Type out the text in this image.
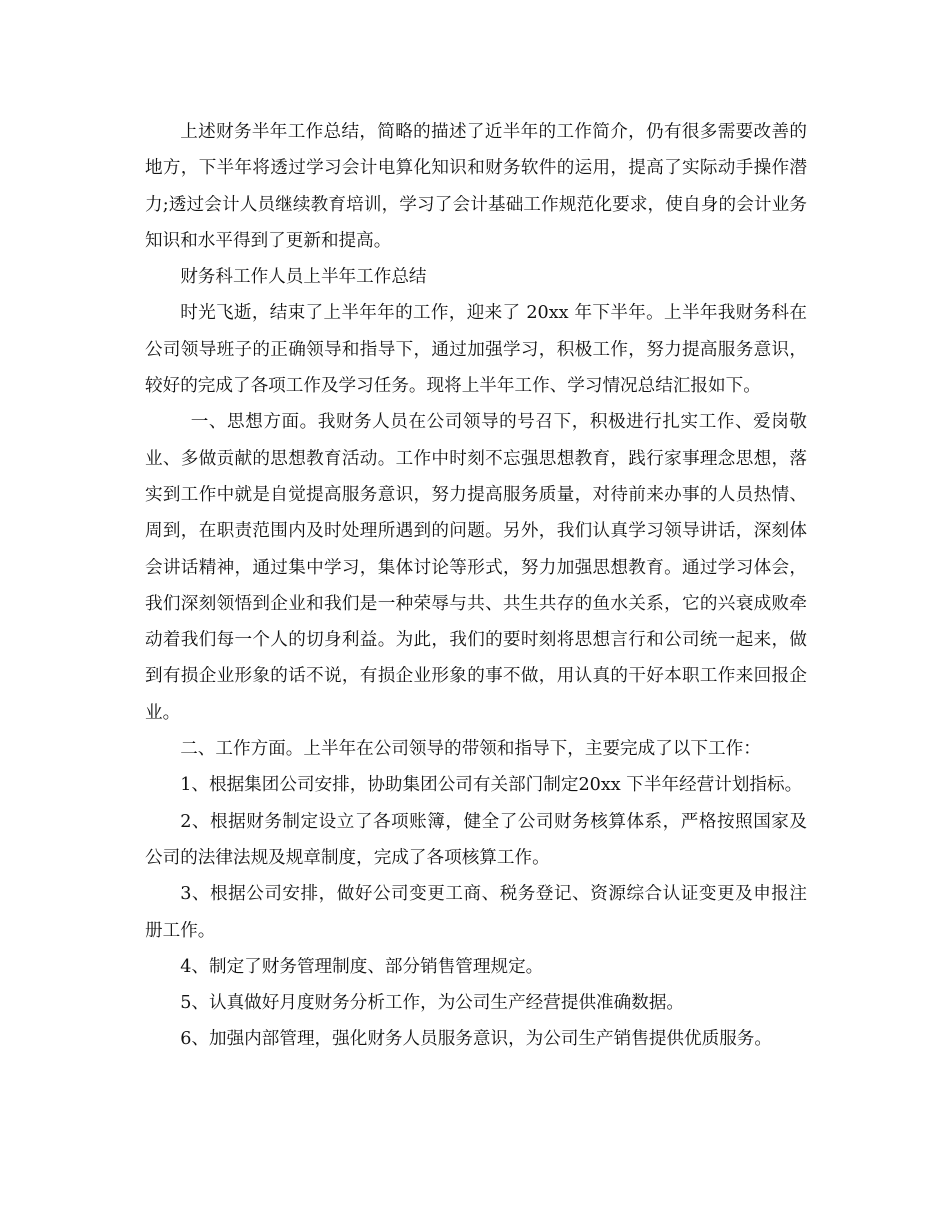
上述财务半年工作总结，简略的描述了近半年的工作简介，仍有很多需要改善的地方，下半年将透过学习会计电算化知识和财务软件的运用，提高了实际动手操作潜力;透过会计人员继续教育培训，学习了会计基础工作规范化要求，使自身的会计业务知识和水平得到了更新和提高。

财务科工作人员上半年工作总结

时光飞逝，结束了上半年年的工作，迎来了 20xx 年下半年。上半年我财务科在公司领导班子的正确领导和指导下，通过加强学习，积极工作，努力提高服务意识，较好的完成了各项工作及学习任务。现将上半年工作、学习情况总结汇报如下。

一、思想方面。我财务人员在公司领导的号召下，积极进行扎实工作、爱岗敬业、多做贡献的思想教育活动。工作中时刻不忘强思想教育，践行家事理念思想，落实到工作中就是自觉提高服务意识，努力提高服务质量，对待前来办事的人员热情、周到，在职责范围内及时处理所遇到的问题。另外，我们认真学习领导讲话，深刻体会讲话精神，通过集中学习，集体讨论等形式，努力加强思想教育。通过学习体会，我们深刻领悟到企业和我们是一种荣辱与共、共生共存的鱼水关系，它的兴衰成败牵动着我们每一个人的切身利益。为此，我们的要时刻将思想言行和公司统一起来，做到有损企业形象的话不说，有损企业形象的事不做，用认真的干好本职工作来回报企业。

二、工作方面。上半年在公司领导的带领和指导下，主要完成了以下工作：

1、根据集团公司安排，协助集团公司有关部门制定20xx 下半年经营计划指标。

2、根据财务制定设立了各项账簿，健全了公司财务核算体系，严格按照国家及公司的法律法规及规章制度，完成了各项核算工作。

3、根据公司安排，做好公司变更工商、税务登记、资源综合认证变更及申报注册工作。

4、制定了财务管理制度、部分销售管理规定。

5、认真做好月度财务分析工作，为公司生产经营提供准确数据。

6、加强内部管理，强化财务人员服务意识，为公司生产销售提供优质服务。
